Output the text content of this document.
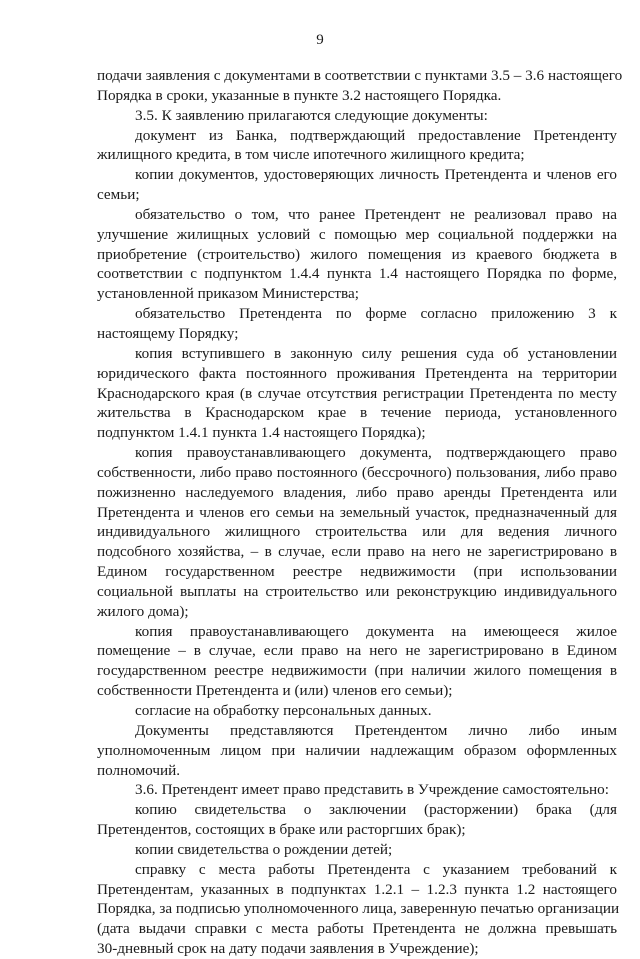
9
подачи заявления с документами в соответствии с пунктами 3.5 – 3.6 настоящего
Порядка в сроки, указанные в пункте 3.2 настоящего Порядка.
3.5. К заявлению прилагаются следующие документы:
документ из Банка, подтверждающий предоставление Претенденту
жилищного кредита, в том числе ипотечного жилищного кредита;
копии документов, удостоверяющих личность Претендента и членов его
семьи;
обязательство о том, что ранее Претендент не реализовал право на
улучшение жилищных условий с помощью мер социальной поддержки на
приобретение (строительство) жилого помещения из краевого бюджета в
соответствии с подпунктом 1.4.4 пункта 1.4 настоящего Порядка по форме,
установленной приказом Министерства;
обязательство Претендента по форме согласно приложению 3 к
настоящему Порядку;
копия вступившего в законную силу решения суда об установлении
юридического факта постоянного проживания Претендента на территории
Краснодарского края (в случае отсутствия регистрации Претендента по месту
жительства в Краснодарском крае в течение периода, установленного
подпунктом 1.4.1 пункта 1.4 настоящего Порядка);
копия правоустанавливающего документа, подтверждающего право
собственности, либо право постоянного (бессрочного) пользования, либо право
пожизненно наследуемого владения, либо право аренды Претендента или
Претендента и членов его семьи на земельный участок, предназначенный для
индивидуального жилищного строительства или для ведения личного
подсобного хозяйства, – в случае, если право на него не зарегистрировано в
Едином государственном реестре недвижимости (при использовании
социальной выплаты на строительство или реконструкцию индивидуального
жилого дома);
копия правоустанавливающего документа на имеющееся жилое
помещение – в случае, если право на него не зарегистрировано в Едином
государственном реестре недвижимости (при наличии жилого помещения в
собственности Претендента и (или) членов его семьи);
согласие на обработку персональных данных.
Документы представляются Претендентом лично либо иным
уполномоченным лицом при наличии надлежащим образом оформленных
полномочий.
3.6. Претендент имеет право представить в Учреждение самостоятельно:
копию свидетельства о заключении (расторжении) брака (для
Претендентов, состоящих в браке или расторгших брак);
копии свидетельства о рождении детей;
справку с места работы Претендента с указанием требований к
Претендентам, указанных в подпунктах 1.2.1 – 1.2.3 пункта 1.2 настоящего
Порядка, за подписью уполномоченного лица, заверенную печатью организации
(дата выдачи справки с места работы Претендента не должна превышать
30-дневный срок на дату подачи заявления в Учреждение);
